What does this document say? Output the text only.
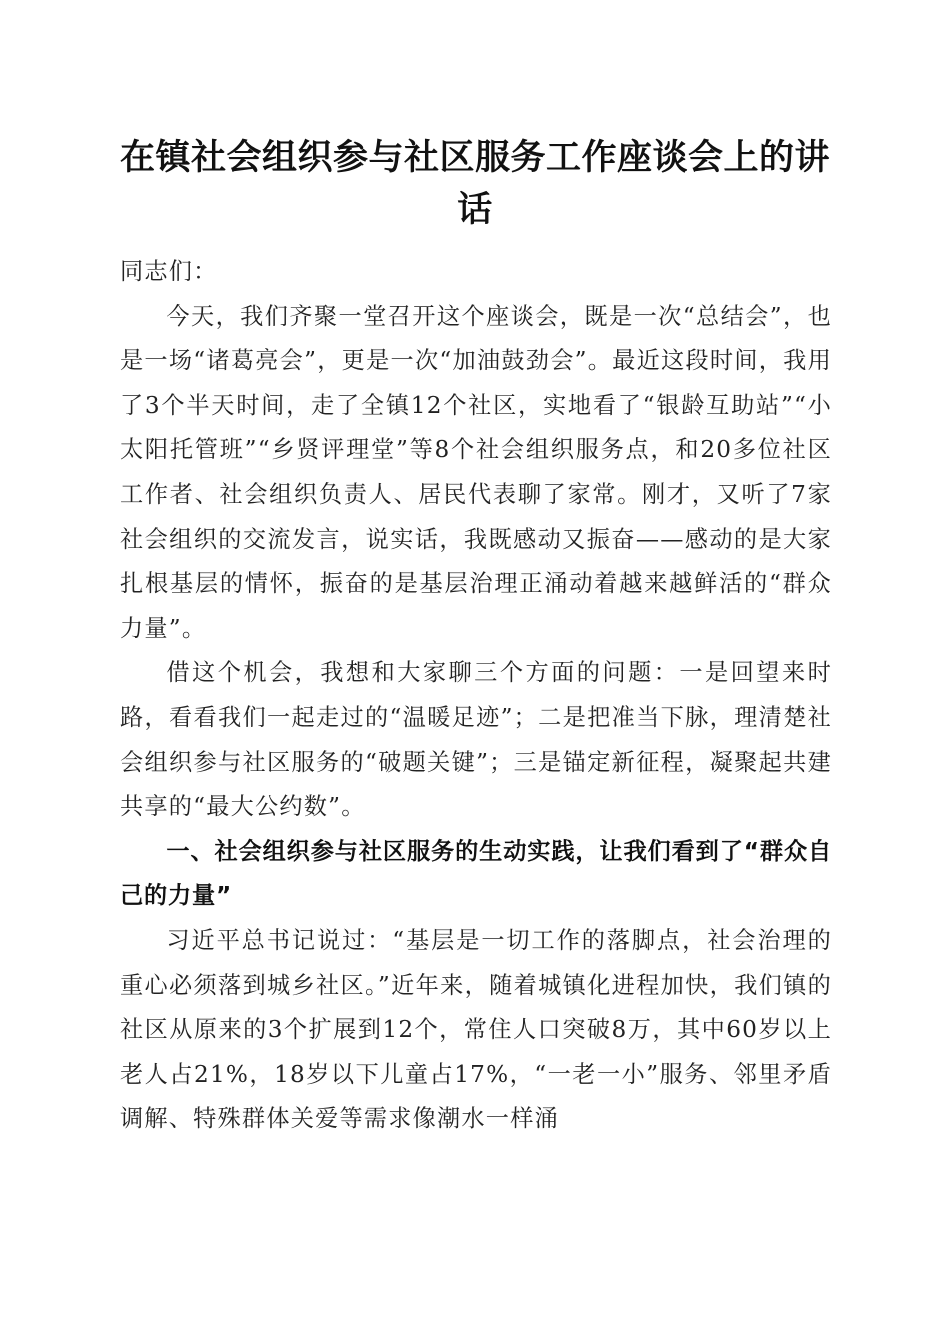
在镇社会组织参与社区服务工作座谈会上的讲话

同志们：

今天，我们齐聚一堂召开这个座谈会，既是一次“总结会”，也是一场“诸葛亮会”，更是一次“加油鼓劲会”。最近这段时间，我用了3个半天时间，走了全镇12个社区，实地看了“银龄互助站”“小太阳托管班”“乡贤评理堂”等8个社会组织服务点，和20多位社区工作者、社会组织负责人、居民代表聊了家常。刚才，又听了7家社会组织的交流发言，说实话，我既感动又振奋——感动的是大家扎根基层的情怀，振奋的是基层治理正涌动着越来越鲜活的“群众力量”。

借这个机会，我想和大家聊三个方面的问题：一是回望来时路，看看我们一起走过的“温暖足迹”；二是把准当下脉，理清楚社会组织参与社区服务的“破题关键”；三是锚定新征程，凝聚起共建共享的“最大公约数”。

一、社会组织参与社区服务的生动实践，让我们看到了“群众自己的力量”

习近平总书记说过：“基层是一切工作的落脚点，社会治理的重心必须落到城乡社区。”近年来，随着城镇化进程加快，我们镇的社区从原来的3个扩展到12个，常住人口突破8万，其中60岁以上老人占21%，18岁以下儿童占17%，“一老一小”服务、邻里矛盾调解、特殊群体关爱等需求像潮水一样涌
